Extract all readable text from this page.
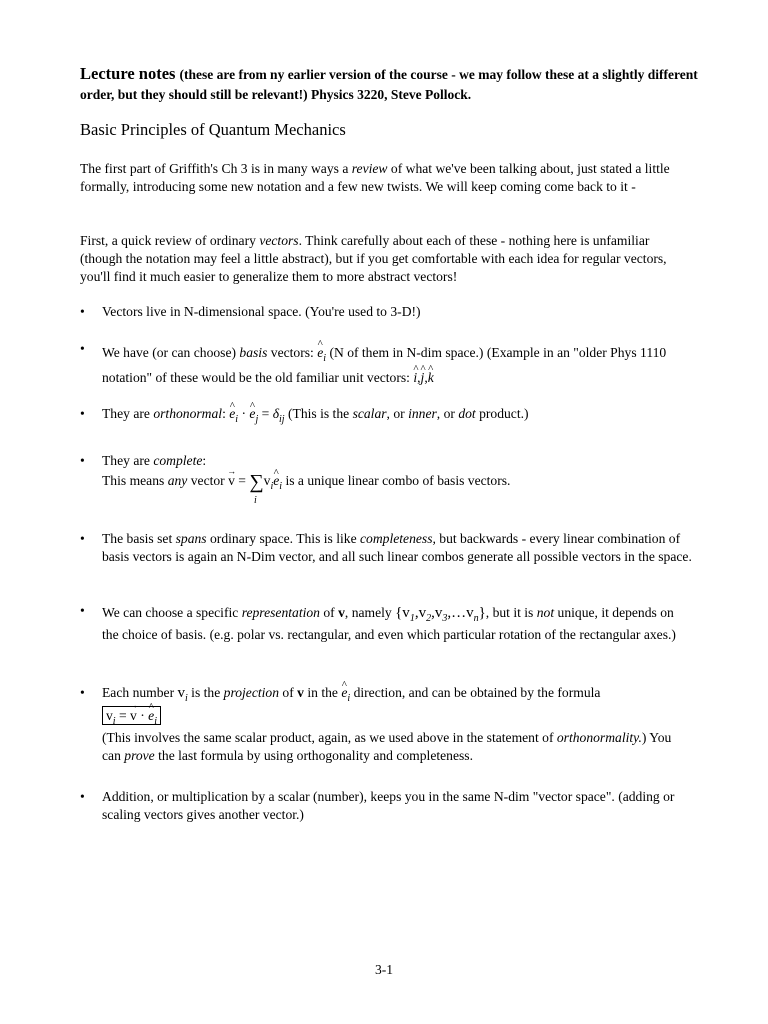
Lecture notes (these are from ny earlier version of the course - we may follow these at a slightly different order, but they should still be relevant!) Physics 3220, Steve Pollock.
Basic Principles of Quantum Mechanics
The first part of Griffith's Ch 3 is in many ways a review of what we've been talking about, just stated a little formally, introducing some new notation and a few new twists. We will keep coming come back to it -
First, a quick review of ordinary vectors. Think carefully about each of these - nothing here is unfamiliar (though the notation may feel a little abstract), but if you get comfortable with each idea for regular vectors, you'll find it much easier to generalize them to more abstract vectors!
• Vectors live in N-dimensional space. (You're used to 3-D!)
• We have (or can choose) basis vectors: ^ $e_i$ (N of them in N-dim space.) (Example in an "older Phys 1110 notation" of these would be the old familiar unit vectors: ^ i,^ j,^ k
• They are orthonormal: ^ $e_i$ · ^ $e_j = \delta_{ij}$ (This is the scalar, or inner, or dot product.)
• They are complete:
This means any vector → $v = \sum v_i\^{}$ $e_i$ is a unique linear combo of basis vectors.
i
• The basis set spans ordinary space. This is like completeness, but backwards - every linear combination of basis vectors is again an N-Dim vector, and all such linear combos generate all possible vectors in the space.
• We can choose a specific representation of v, namely $\{v_1,v_2,v_3,\dots v_n\}$, but it is not unique, it depends on the choice of basis. (e.g. polar vs. rectangular, and even which particular rotation of the rectangular axes.)
• Each number $v_i$ is the projection of v in the ^ $e_i$ direction, and can be obtained by the formula
$v_i$ = → v · ^ $e_i$
(This involves the same scalar product, again, as we used above in the statement of orthonormality.) You can prove the last formula by using orthogonality and completeness.
• Addition, or multiplication by a scalar (number), keeps you in the same N-dim "vector space". (adding or scaling vectors gives another vector.)
3-1
